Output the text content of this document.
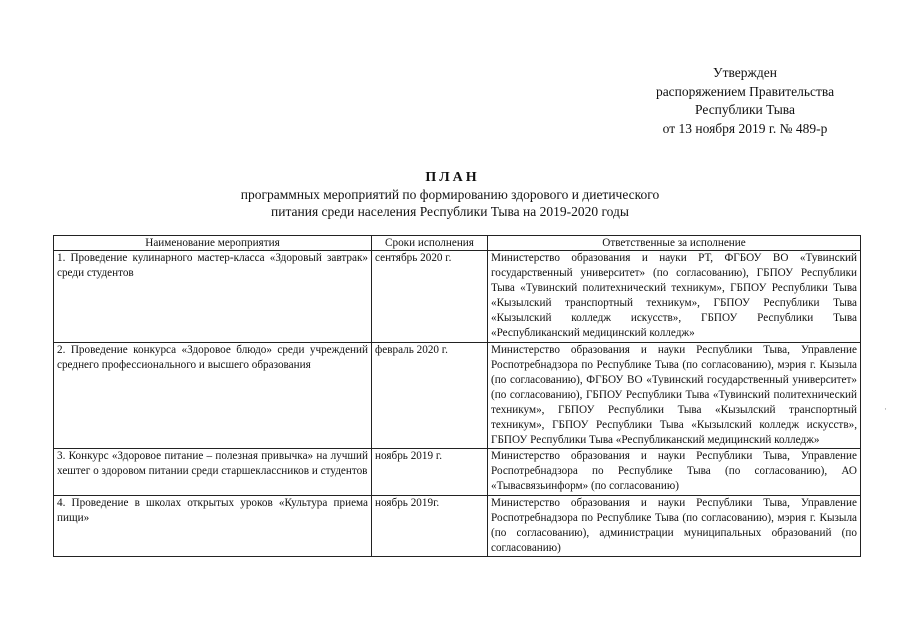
Утвержден
распоряжением Правительства
Республики Тыва
от 13 ноября 2019 г. № 489-р
ПЛАН
программных мероприятий по формированию здорового и диетического
питания среди населения Республики Тыва на 2019-2020 годы
Наименование мероприятия	Сроки исполнения	Ответственные за исполнение
1. Проведение кулинарного мастер-класса «Здоровый завтрак» среди студентов	сентябрь 2020 г.	Министерство образования и науки РТ, ФГБОУ ВО «Тувинский государственный университет» (по согласованию), ГБПОУ Республики Тыва «Тувинский политехнический техникум», ГБПОУ Республики Тыва «Кызылский транспортный техникум», ГБПОУ Республики Тыва «Кызылский колледж искусств», ГБПОУ Республики Тыва «Республиканский медицинский колледж»
2. Проведение конкурса «Здоровое блюдо» среди учреждений среднего профессионального и высшего образования	февраль 2020 г.	Министерство образования и науки Республики Тыва, Управление Роспотребнадзора по Республике Тыва (по согласованию), мэрия г. Кызыла (по согласованию), ФГБОУ ВО «Тувинский государственный университет» (по согласованию), ГБПОУ Республики Тыва «Тувинский политехнический техникум», ГБПОУ Республики Тыва «Кызылский транспортный техникум», ГБПОУ Республики Тыва «Кызылский колледж искусств», ГБПОУ Республики Тыва «Республиканский медицинский колледж»
3. Конкурс «Здоровое питание – полезная привычка» на лучший хештег о здоровом питании среди старшеклассников и студентов	ноябрь 2019 г.	Министерство образования и науки Республики Тыва, Управление Роспотребнадзора по Республике Тыва (по согласованию), АО «Тывасвязьинформ» (по согласованию)
4. Проведение в школах открытых уроков «Культура приема пищи»	ноябрь 2019г.	Министерство образования и науки Республики Тыва, Управление Роспотребнадзора по Республике Тыва (по согласованию), мэрия г. Кызыла (по согласованию), администрации муниципальных образований (по согласованию)
·
